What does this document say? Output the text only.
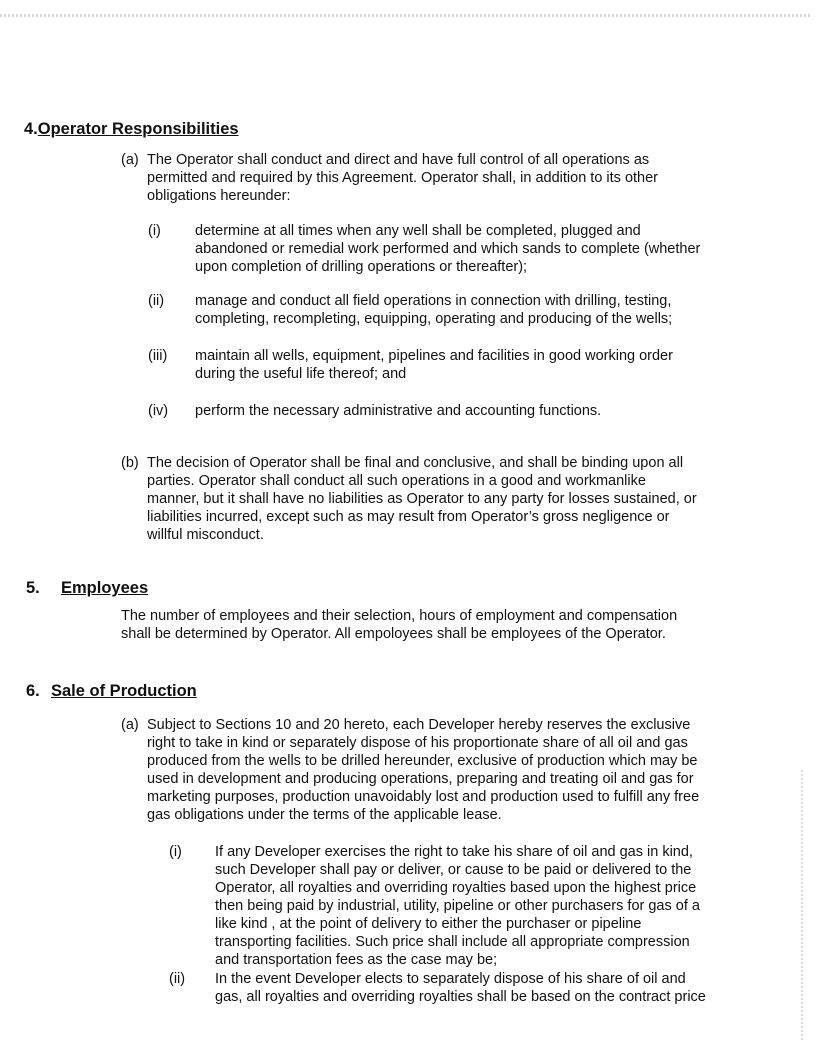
4.Operator Responsibilities
(a) The Operator shall conduct and direct and have full control of all operations as
permitted and required by this Agreement. Operator shall, in addition to its other
obligations hereunder:
(i) determine at all times when any well shall be completed, plugged and
abandoned or remedial work performed and which sands to complete (whether
upon completion of drilling operations or thereafter);
(ii) manage and conduct all field operations in connection with drilling, testing,
completing, recompleting, equipping, operating and producing of the wells;
(iii) maintain all wells, equipment, pipelines and facilities in good working order
during the useful life thereof; and
(iv) perform the necessary administrative and accounting functions.
(b) The decision of Operator shall be final and conclusive, and shall be binding upon all
parties. Operator shall conduct all such operations in a good and workmanlike
manner, but it shall have no liabilities as Operator to any party for losses sustained, or
liabilities incurred, except such as may result from Operator’s gross negligence or
willful misconduct.
5. Employees
The number of employees and their selection, hours of employment and compensation
shall be determined by Operator. All empoloyees shall be employees of the Operator.
6. Sale of Production
(a) Subject to Sections 10 and 20 hereto, each Developer hereby reserves the exclusive
right to take in kind or separately dispose of his proportionate share of all oil and gas
produced from the wells to be drilled hereunder, exclusive of production which may be
used in development and producing operations, preparing and treating oil and gas for
marketing purposes, production unavoidably lost and production used to fulfill any free
gas obligations under the terms of the applicable lease.
(i) If any Developer exercises the right to take his share of oil and gas in kind,
such Developer shall pay or deliver, or cause to be paid or delivered to the
Operator, all royalties and overriding royalties based upon the highest price
then being paid by industrial, utility, pipeline or other purchasers for gas of a
like kind , at the point of delivery to either the purchaser or pipeline
transporting facilities. Such price shall include all appropriate compression
and transportation fees as the case may be;
(ii) In the event Developer elects to separately dispose of his share of oil and
gas, all royalties and overriding royalties shall be based on the contract price
